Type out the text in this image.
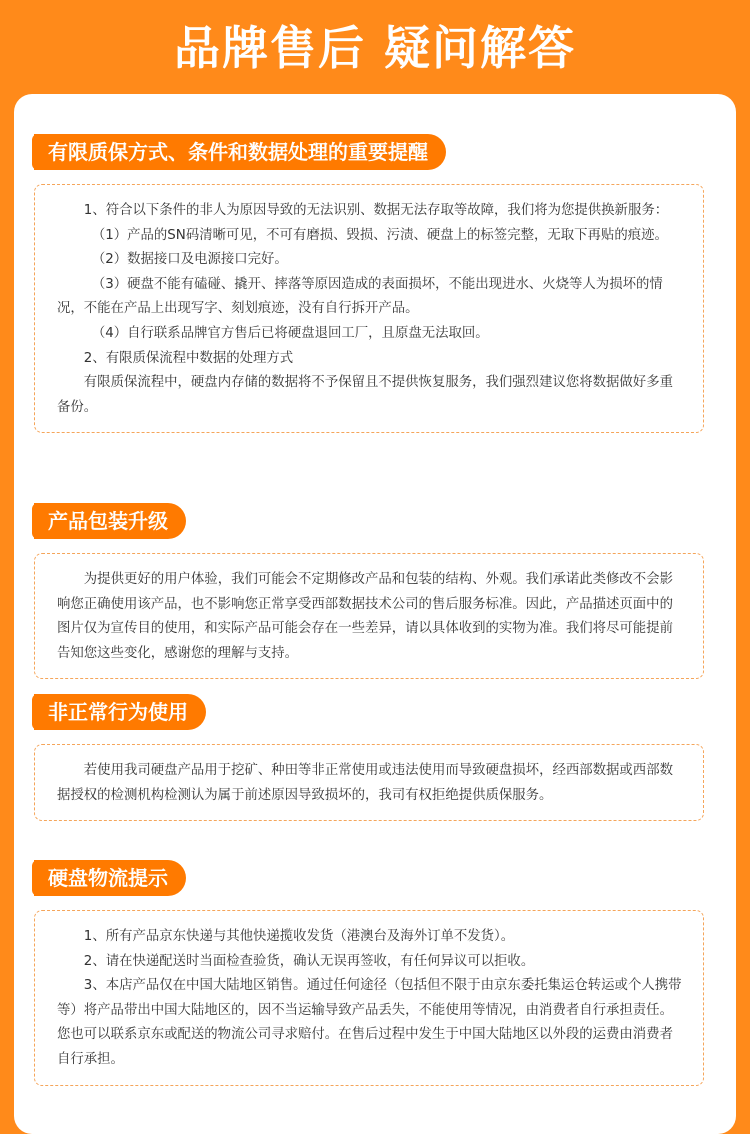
品牌售后 疑问解答
有限质保方式、条件和数据处理的重要提醒

1、符合以下条件的非人为原因导致的无法识别、数据无法存取等故障，我们将为您提供换新服务：

（1）产品的SN码清晰可见，不可有磨损、毁损、污渍、硬盘上的标签完整，无取下再贴的痕迹。

（2）数据接口及电源接口完好。

（3）硬盘不能有磕碰、撬开、摔落等原因造成的表面损坏，不能出现进水、火烧等人为损坏的情况，不能在产品上出现写字、刻划痕迹，没有自行拆开产品。

（4）自行联系品牌官方售后已将硬盘退回工厂，且原盘无法取回。

2、有限质保流程中数据的处理方式

有限质保流程中，硬盘内存储的数据将不予保留且不提供恢复服务，我们强烈建议您将数据做好多重备份。

产品包装升级

为提供更好的用户体验，我们可能会不定期修改产品和包装的结构、外观。我们承诺此类修改不会影响您正确使用该产品，也不影响您正常享受西部数据技术公司的售后服务标准。因此，产品描述页面中的图片仅为宣传目的使用，和实际产品可能会存在一些差异，请以具体收到的实物为准。我们将尽可能提前告知您这些变化，感谢您的理解与支持。

非正常行为使用

若使用我司硬盘产品用于挖矿、种田等非正常使用或违法使用而导致硬盘损坏，经西部数据或西部数据授权的检测机构检测认为属于前述原因导致损坏的，我司有权拒绝提供质保服务。

硬盘物流提示

1、所有产品京东快递与其他快递揽收发货（港澳台及海外订单不发货）。

2、请在快递配送时当面检查验货，确认无误再签收，有任何异议可以拒收。

3、本店产品仅在中国大陆地区销售。通过任何途径（包括但不限于由京东委托集运仓转运或个人携带等）将产品带出中国大陆地区的，因不当运输导致产品丢失，不能使用等情况，由消费者自行承担责任。 您也可以联系京东或配送的物流公司寻求赔付。在售后过程中发生于中国大陆地区以外段的运费由消费者自行承担。
